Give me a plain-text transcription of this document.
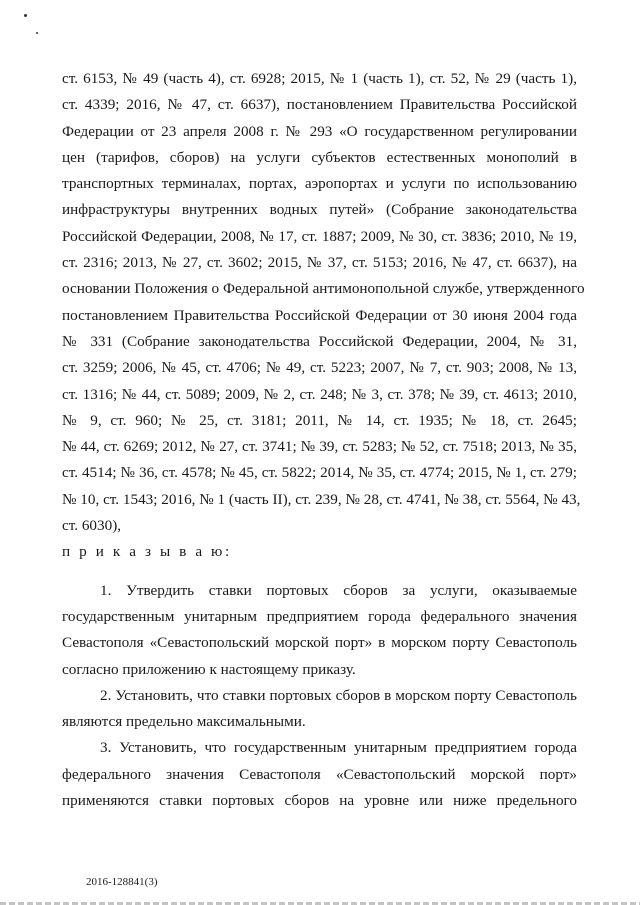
ст. 6153, № 49 (часть 4), ст. 6928; 2015, № 1 (часть 1), ст. 52, № 29 (часть 1),
ст. 4339; 2016, № 47, ст. 6637), постановлением Правительства Российской
Федерации от 23 апреля 2008 г. № 293 «О государственном регулировании
цен (тарифов, сборов) на услуги субъектов естественных монополий в
транспортных терминалах, портах, аэропортах и услуги по использованию
инфраструктуры внутренних водных путей» (Собрание законодательства
Российской Федерации, 2008, № 17, ст. 1887; 2009, № 30, ст. 3836; 2010, № 19,
ст. 2316; 2013, № 27, ст. 3602; 2015, № 37, ст. 5153; 2016, № 47, ст. 6637), на
основании Положения о Федеральной антимонопольной службе, утвержденного
постановлением Правительства Российской Федерации от 30 июня 2004 года
№ 331 (Собрание законодательства Российской Федерации, 2004, № 31,
ст. 3259; 2006, № 45, ст. 4706; № 49, ст. 5223; 2007, № 7, ст. 903; 2008, № 13,
ст. 1316; № 44, ст. 5089; 2009, № 2, ст. 248; № 3, ст. 378; № 39, ст. 4613; 2010,
№ 9, ст. 960; № 25, ст. 3181; 2011, № 14, ст. 1935; № 18, ст. 2645;
№ 44, ст. 6269; 2012, № 27, ст. 3741; № 39, ст. 5283; № 52, ст. 7518; 2013, № 35,
ст. 4514; № 36, ст. 4578; № 45, ст. 5822; 2014, № 35, ст. 4774; 2015, № 1, ст. 279;
№ 10, ст. 1543; 2016, № 1 (часть II), ст. 239, № 28, ст. 4741, № 38, ст. 5564, № 43,
ст. 6030),
п р и к а з ы в а ю:
1. Утвердить ставки портовых сборов за услуги, оказываемые
государственным унитарным предприятием города федерального значения
Севастополя «Севастопольский морской порт» в морском порту Севастополь
согласно приложению к настоящему приказу.
2. Установить, что ставки портовых сборов в морском порту Севастополь
являются предельно максимальными.
3. Установить, что государственным унитарным предприятием города
федерального значения Севастополя «Севастопольский морской порт»
применяются ставки портовых сборов на уровне или ниже предельного
2016-128841(3)
